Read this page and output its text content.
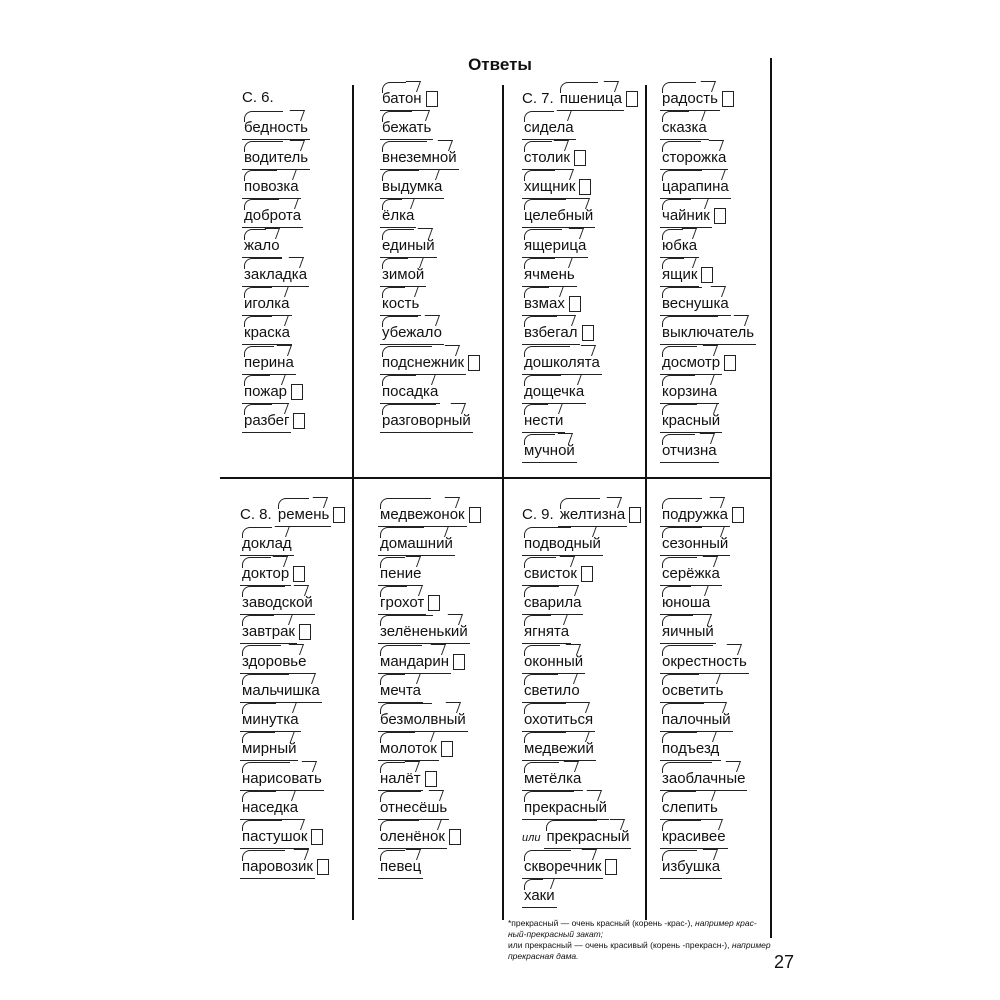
Ответы
С. 6.
бедность
водитель
повозка
доброта
жало
закладка
иголка
краска
перина
пожар
разбег
батон
бежать
внеземной
выдумка
ёлка
единый
зимой
кость
убежало
подснежник
посадка
разговорный
С. 7. пшеница
сидела
столик
хищник
целебный
ящерица
ячмень
взмах
взбегал
дошколята
дощечка
нести
мучной
радость
сказка
сторожка
царапина
чайник
юбка
ящик
веснушка
выключатель
досмотр
корзина
красный
отчизна
С. 8. ремень
доклад
доктор
заводской
завтрак
здоровье
мальчишка
минутка
мирный
нарисовать
наседка
пастушок
паровозик
медвежонок
домашний
пение
грохот
зелёненький
мандарин
мечта
безмолвный
молоток
налёт
отнесёшь
оленёнок
певец
С. 9. желтизна
подводный
свисток
сварила
ягнята
оконный
светило
охотиться
медвежий
метёлка
прекрасный
или прекрасный
скворечник
хаки
подружка
сезонный
серёжка
юноша
яичный
окрестность
осветить
палочный
подъезд
заоблачные
слепить
красивее
избушка
*прекрасный — очень красный (корень -крас-), например крас-ный-прекрасный закат;
или прекрасный — очень красивый (корень -прекрасн-), например прекрасная дама.	27
